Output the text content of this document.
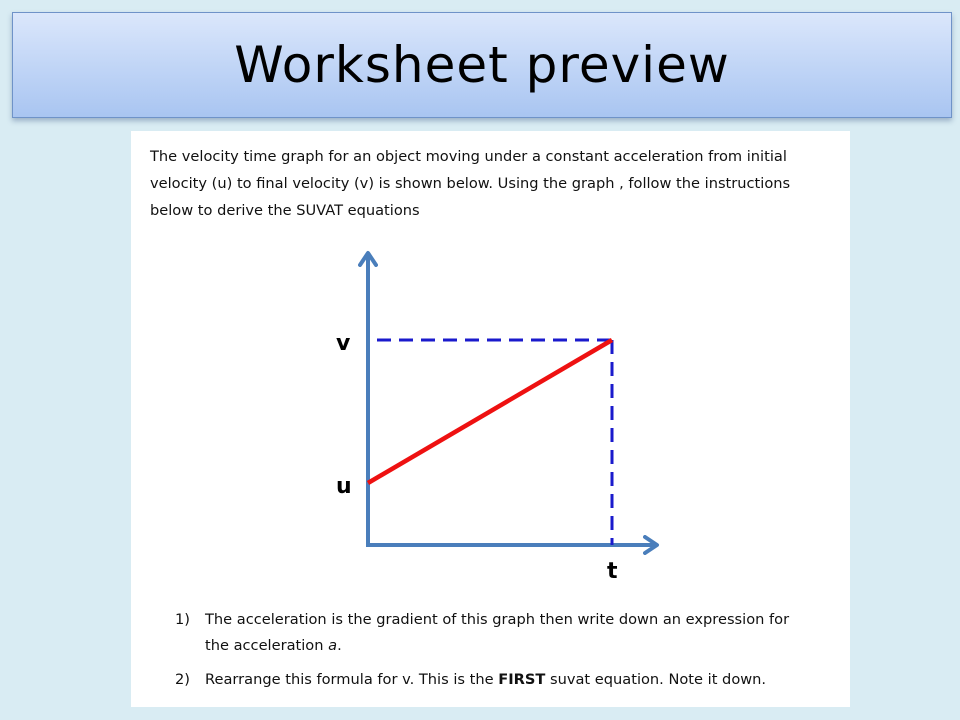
Worksheet preview

The velocity time graph for an object moving under a constant acceleration from initial
velocity (u) to final velocity (v) is shown below. Using the graph , follow the instructions
below to derive the SUVAT equations

v
u
t
1) The acceleration is the gradient of this graph then write down an expression for
the acceleration a.
2) Rearrange this formula for v. This is the FIRST suvat equation. Note it down.
